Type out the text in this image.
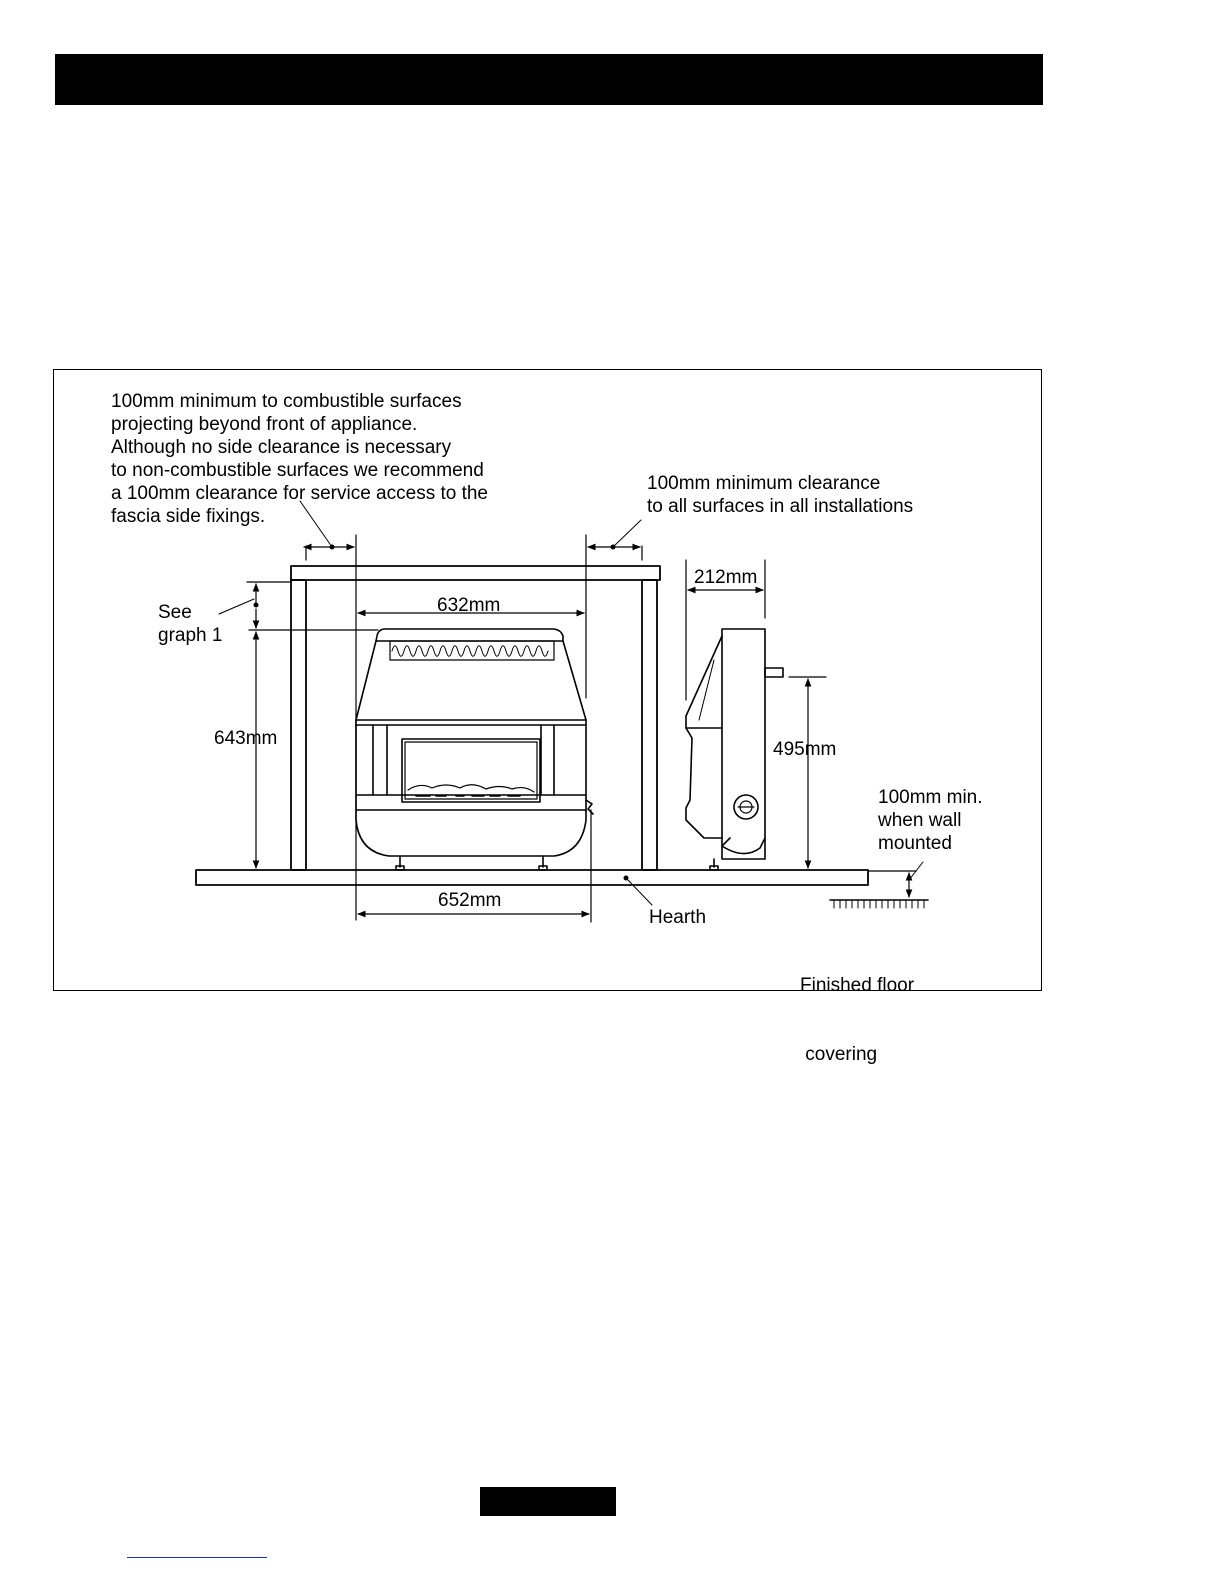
100mm minimum to combustible surfaces
projecting beyond front of appliance.
Although no side clearance is necessary
to non-combustible surfaces we recommend
a 100mm clearance for service access to the
fascia side fixings.
100mm minimum clearance
to all surfaces in all installations
See
graph 1
632mm
643mm
652mm
212mm
495mm
100mm min.
when wall
mounted
Hearth

Finished floor

covering
